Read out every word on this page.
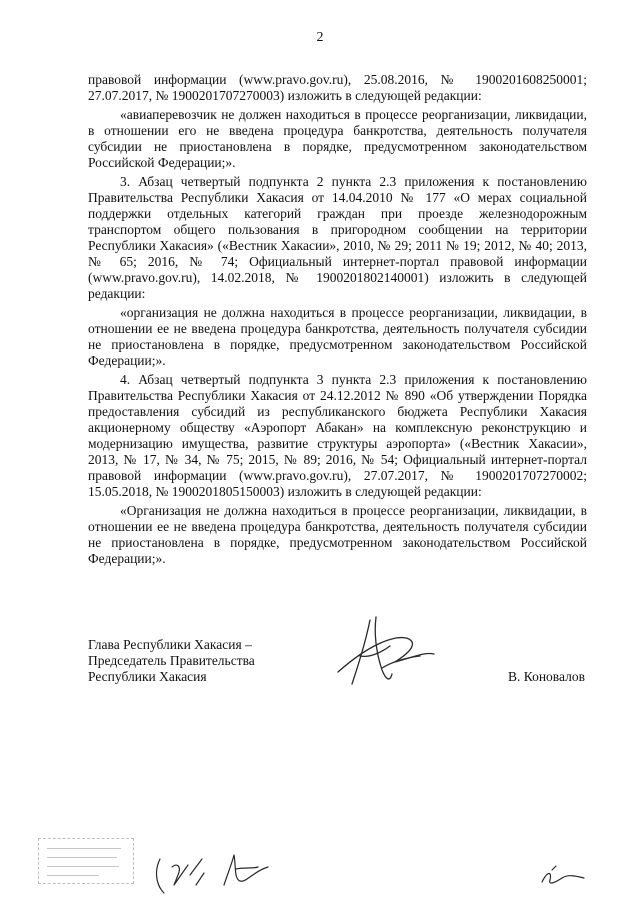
2

правовой информации (www.pravo.gov.ru), 25.08.2016, № 1900201608250001; 27.07.2017, № 1900201707270003) изложить в следующей редакции:

«авиаперевозчик не должен находиться в процессе реорганизации, ликвидации, в отношении его не введена процедура банкротства, деятельность получателя субсидии не приостановлена в порядке, предусмотренном законодательством Российской Федерации;».

3. Абзац четвертый подпункта 2 пункта 2.3 приложения к постановлению Правительства Республики Хакасия от 14.04.2010 № 177 «О мерах социальной поддержки отдельных категорий граждан при проезде железнодорожным транспортом общего пользования в пригородном сообщении на территории Республики Хакасия» («Вестник Хакасии», 2010, № 29; 2011 № 19; 2012, № 40; 2013, № 65; 2016, № 74; Официальный интернет-портал правовой информации (www.pravo.gov.ru), 14.02.2018, № 1900201802140001) изложить в следующей редакции:

«организация не должна находиться в процессе реорганизации, ликвидации, в отношении ее не введена процедура банкротства, деятельность получателя субсидии не приостановлена в порядке, предусмотренном законодательством Российской Федерации;».

4. Абзац четвертый подпункта 3 пункта 2.3 приложения к постановлению Правительства Республики Хакасия от 24.12.2012 № 890 «Об утверждении Порядка предоставления субсидий из республиканского бюджета Республики Хакасия акционерному обществу «Аэропорт Абакан» на комплексную реконструкцию и модернизацию имущества, развитие структуры аэропорта» («Вестник Хакасии», 2013, № 17, № 34, № 75; 2015, № 89; 2016, № 54; Официальный интернет-портал правовой информации (www.pravo.gov.ru), 27.07.2017, № 1900201707270002; 15.05.2018, № 1900201805150003) изложить в следующей редакции:

«Организация не должна находиться в процессе реорганизации, ликвидации, в отношении ее не введена процедура банкротства, деятельность получателя субсидии не приостановлена в порядке, предусмотренном законодательством Российской Федерации;».

Глава Республики Хакасия –
Председатель Правительства
Республики Хакасия	В. Коновалов
